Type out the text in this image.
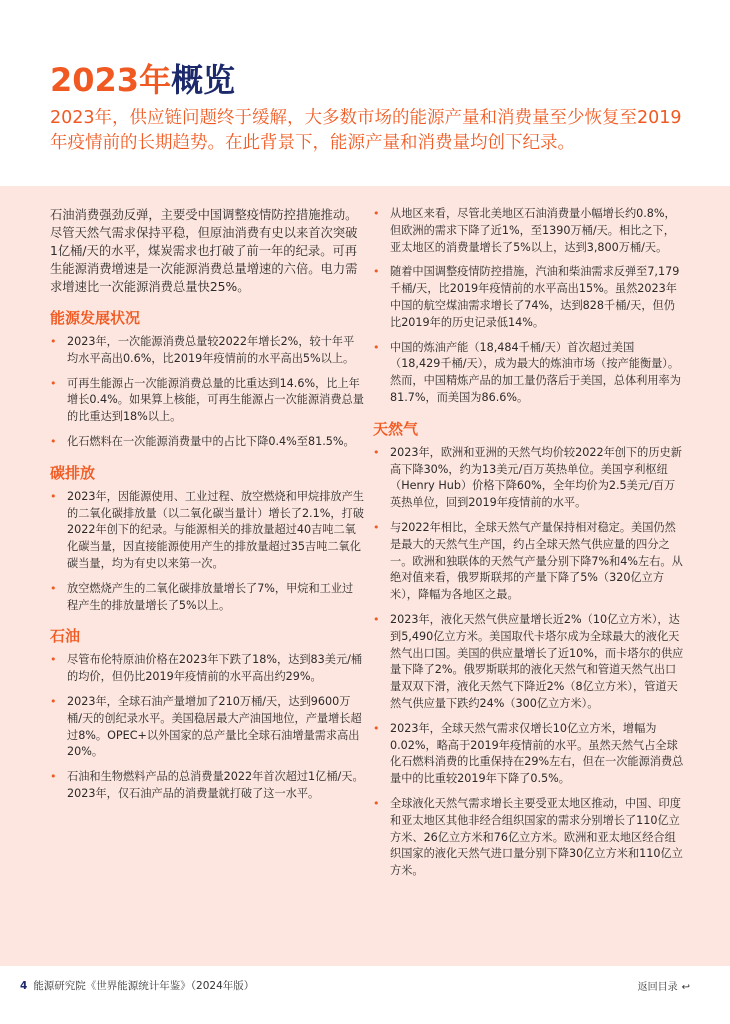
2023年概览

2023年，供应链问题终于缓解，大多数市场的能源产量和消费量至少恢复至2019年疫情前的长期趋势。在此背景下，能源产量和消费量均创下纪录。

石油消费强劲反弹，主要受中国调整疫情防控措施推动。尽管天然气需求保持平稳，但原油消费有史以来首次突破1亿桶/天的水平，煤炭需求也打破了前一年的纪录。可再生能源消费增速是一次能源消费总量增速的六倍。电力需求增速比一次能源消费总量快25%。

能源发展状况
• 2023年，一次能源消费总量较2022年增长2%，较十年平均水平高出0.6%，比2019年疫情前的水平高出5%以上。
• 可再生能源占一次能源消费总量的比重达到14.6%，比上年增长0.4%。如果算上核能，可再生能源占一次能源消费总量的比重达到18%以上。
• 化石燃料在一次能源消费量中的占比下降0.4%至81.5%。
碳排放
• 2023年，因能源使用、工业过程、放空燃烧和甲烷排放产生的二氧化碳排放量（以二氧化碳当量计）增长了2.1%，打破2022年创下的纪录。与能源相关的排放量超过40吉吨二氧化碳当量，因直接能源使用产生的排放量超过35吉吨二氧化碳当量，均为有史以来第一次。
• 放空燃烧产生的二氧化碳排放量增长了7%，甲烷和工业过程产生的排放量增长了5%以上。
石油
• 尽管布伦特原油价格在2023年下跌了18%，达到83美元/桶的均价，但仍比2019年疫情前的水平高出约29%。
• 2023年，全球石油产量增加了210万桶/天，达到9600万桶/天的创纪录水平。美国稳居最大产油国地位，产量增长超过8%。OPEC+以外国家的总产量比全球石油增量需求高出20%。
• 石油和生物燃料产品的总消费量2022年首次超过1亿桶/天。2023年，仅石油产品的消费量就打破了这一水平。
• 从地区来看，尽管北美地区石油消费量小幅增长约0.8%，但欧洲的需求下降了近1%，至1390万桶/天。相比之下，亚太地区的消费量增长了5%以上，达到3,800万桶/天。
• 随着中国调整疫情防控措施，汽油和柴油需求反弹至7,179千桶/天，比2019年疫情前的水平高出15%。虽然2023年中国的航空煤油需求增长了74%，达到828千桶/天，但仍比2019年的历史记录低14%。
• 中国的炼油产能（18,484千桶/天）首次超过美国（18,429千桶/天），成为最大的炼油市场（按产能衡量）。然而，中国精炼产品的加工量仍落后于美国，总体利用率为81.7%，而美国为86.6%。
天然气
• 2023年，欧洲和亚洲的天然气均价较2022年创下的历史新高下降30%，约为13美元/百万英热单位。美国亨利枢纽（Henry Hub）价格下降60%，全年均价为2.5美元/百万英热单位，回到2019年疫情前的水平。
• 与2022年相比，全球天然气产量保持相对稳定。美国仍然是最大的天然气生产国，约占全球天然气供应量的四分之一。欧洲和独联体的天然气产量分别下降7%和4%左右。从绝对值来看，俄罗斯联邦的产量下降了5%（320亿立方米），降幅为各地区之最。
• 2023年，液化天然气供应量增长近2%（10亿立方米），达到5,490亿立方米。美国取代卡塔尔成为全球最大的液化天然气出口国。美国的供应量增长了近10%，而卡塔尔的供应量下降了2%。俄罗斯联邦的液化天然气和管道天然气出口量双双下滑，液化天然气下降近2%（8亿立方米），管道天然气供应量下跌约24%（300亿立方米）。
• 2023年，全球天然气需求仅增长10亿立方米，增幅为0.02%，略高于2019年疫情前的水平。虽然天然气占全球化石燃料消费的比重保持在29%左右，但在一次能源消费总量中的比重较2019年下降了0.5%。
• 全球液化天然气需求增长主要受亚太地区推动，中国、印度和亚太地区其他非经合组织国家的需求分别增长了110亿立方米、26亿立方米和76亿立方米。欧洲和亚太地区经合组织国家的液化天然气进口量分别下降30亿立方米和110亿立方米。
4 能源研究院《世界能源统计年鉴》（2024年版）	返回目录 ↩
